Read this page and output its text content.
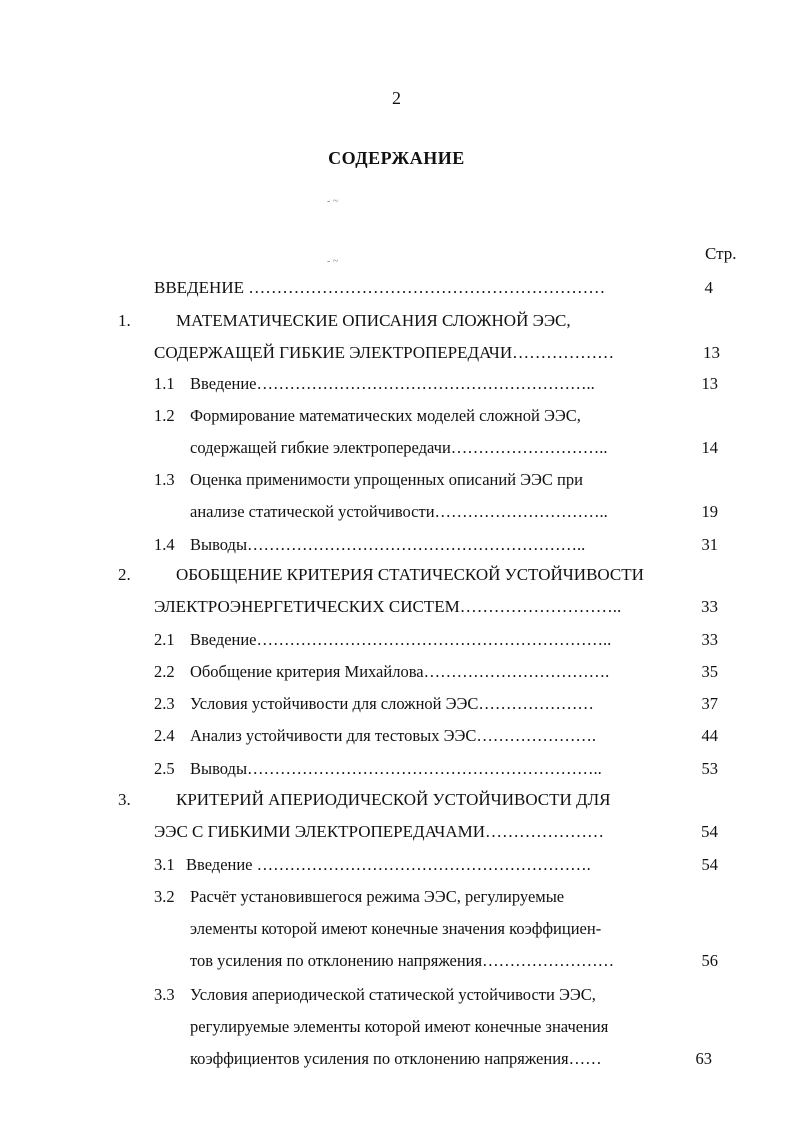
2
СОДЕРЖАНИЕ
- ~
- ~	Стр.
ВВЕДЕНИЕ ………………………………………………………	4
1.	МАТЕМАТИЧЕСКИЕ ОПИСАНИЯ СЛОЖНОЙ ЭЭС,
СОДЕРЖАЩЕЙ ГИБКИЕ ЭЛЕКТРОПЕРЕДАЧИ………………	13
1.1 Введение……………………………………………………..	13
1.2 Формирование математических моделей сложной ЭЭС,
содержащей гибкие электропередачи………………………..	14
1.3 Оценка применимости упрощенных описаний ЭЭС при
анализе статической устойчивости…………………………..	19
1.4 Выводы……………………………………………………..	31
2.	ОБОБЩЕНИЕ КРИТЕРИЯ СТАТИЧЕСКОЙ УСТОЙЧИВОСТИ
ЭЛЕКТРОЭНЕРГЕТИЧЕСКИХ СИСТЕМ………………………..	33
2.1 Введение………………………………………………………..	33
2.2 Обобщение критерия Михайлова…………………………….	35
2.3 Условия устойчивости для сложной ЭЭС…………………	37
2.4 Анализ устойчивости для тестовых ЭЭС………………….	44
2.5 Выводы………………………………………………………..	53
3.	КРИТЕРИЙ АПЕРИОДИЧЕСКОЙ УСТОЙЧИВОСТИ ДЛЯ
ЭЭС С ГИБКИМИ ЭЛЕКТРОПЕРЕДАЧАМИ…………………	54
3.1 Введение …………………………………………………….	54
3.2 Расчёт установившегося режима ЭЭС, регулируемые
элементы которой имеют конечные значения коэффициен-
тов усиления по отклонению напряжения……………………	56
3.3 Условия апериодической статической устойчивости ЭЭС,
регулируемые элементы которой имеют конечные значения
коэффициентов усиления по отклонению напряжения……	63
